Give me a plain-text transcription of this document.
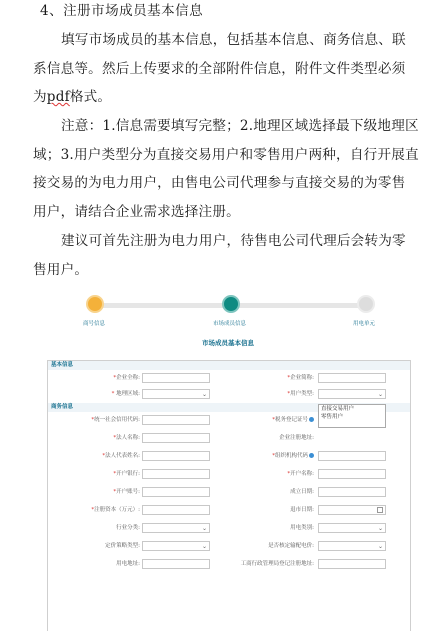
4、注册市场成员基本信息
填写市场成员的基本信息，包括基本信息、商务信息、联系信息等。然后上传要求的全部附件信息，附件文件类型必须为pdf格式。
注意：1.信息需要填写完整；2.地理区域选择最下级地理区域；3.用户类型分为直接交易用户和零售用户两种，自行开展直接交易的为电力用户，由售电公司代理参与直接交易的为零售用户，请结合企业需求选择注册。
建议可首先注册为电力用户，待售电公司代理后会转为零售用户。
商号信息	市场成员信息	用电单元
市场成员基本信息
基本信息
*企业全称:	*企业简称:
* 地理区域:	⌄	*用户类型:	⌄
直接交易用户
零售用户
商务信息
*统一社会信用代码:	*税务登记证号
*法人名称:	企业注册地址:
*法人代表姓名:	*组织机构代码
*开户银行:	*开户名称:
*开户账号:	成立日期:
*注册资本（万元）:	退市日期:
行业分类:	⌄	用电类别:	⌄
定价策略类型:	⌄	是否核定输配电价:	⌄
用电地址:	工商行政管理局登记注册地址:
